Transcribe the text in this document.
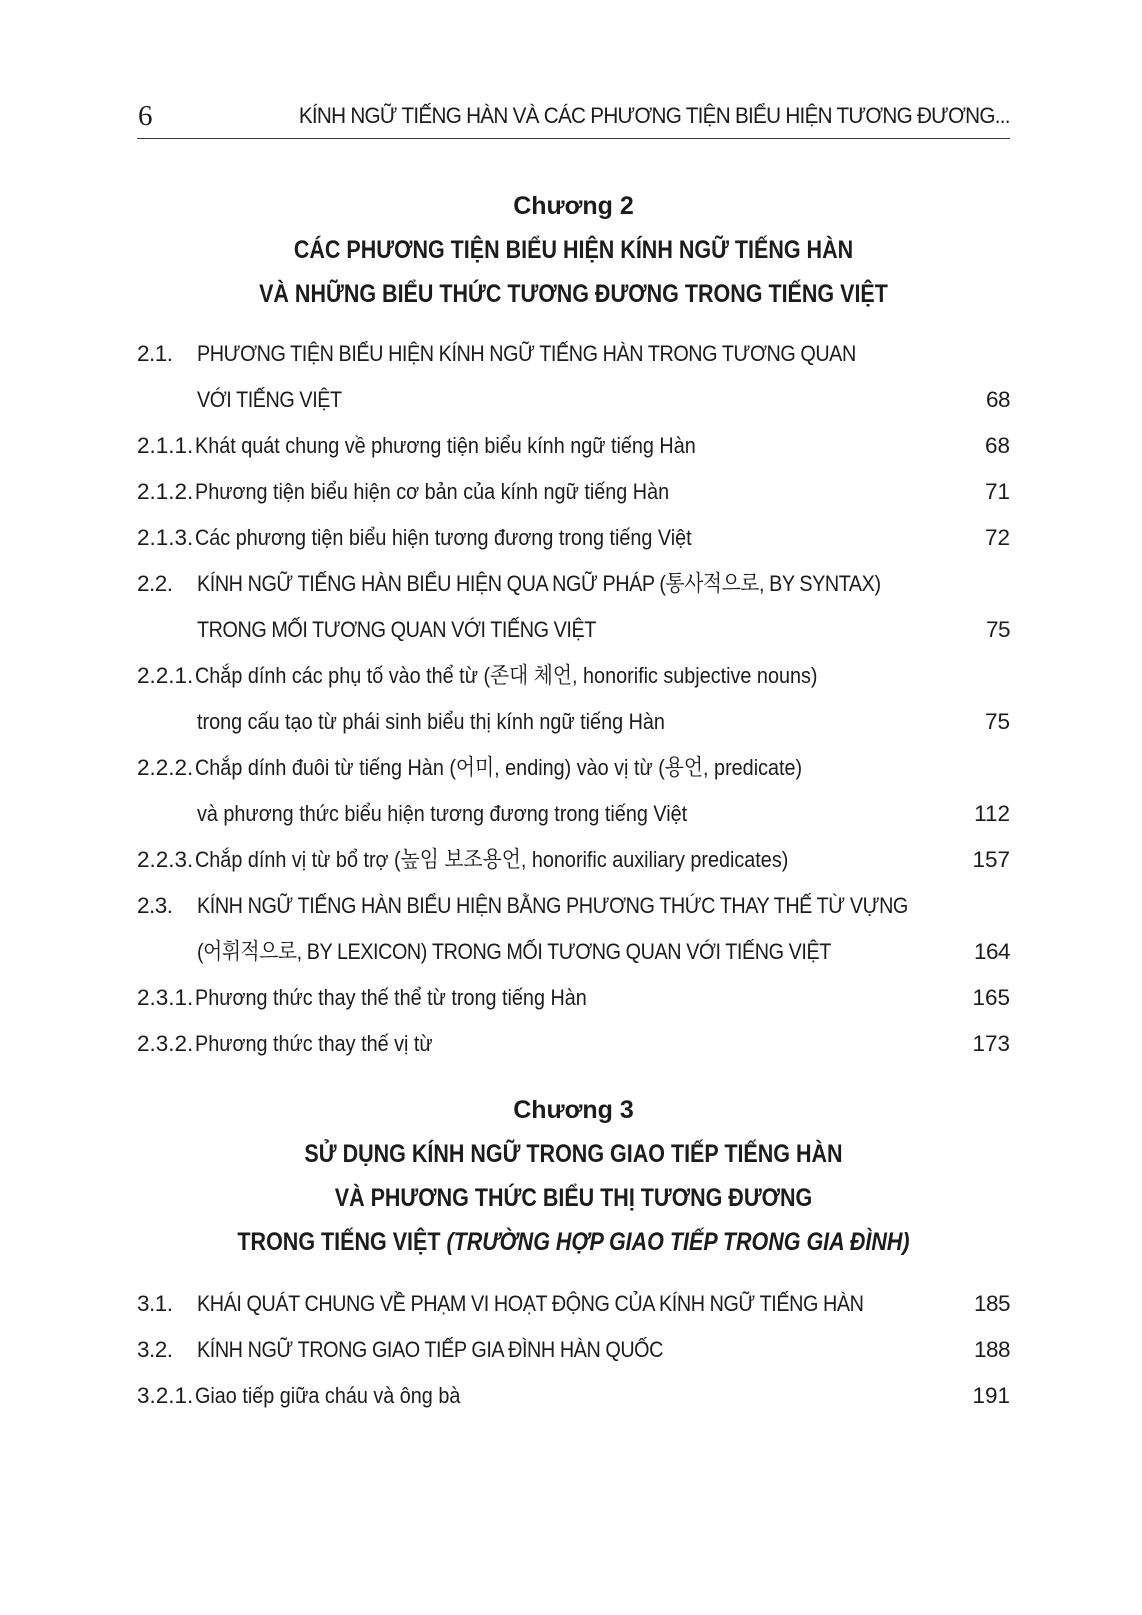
6	KÍNH NGỮ TIẾNG HÀN VÀ CÁC PHƯƠNG TIỆN BIỂU HIỆN TƯƠNG ĐƯƠNG...
Chương 2
CÁC PHƯƠNG TIỆN BIỂU HIỆN KÍNH NGỮ TIẾNG HÀN
VÀ NHỮNG BIỂU THỨC TƯƠNG ĐƯƠNG TRONG TIẾNG VIỆT
2.1. PHƯƠNG TIỆN BIỂU HIỆN KÍNH NGỮ TIẾNG HÀN TRONG TƯƠNG QUAN
VỚI TIẾNG VIỆT	68
2.1.1. Khát quát chung về phương tiện biểu kính ngữ tiếng Hàn	68
2.1.2. Phương tiện biểu hiện cơ bản của kính ngữ tiếng Hàn	71
2.1.3. Các phương tiện biểu hiện tương đương trong tiếng Việt	72
2.2. KÍNH NGỮ TIẾNG HÀN BIỂU HIỆN QUA NGỮ PHÁP (통사적으로, BY SYNTAX)
TRONG MỐI TƯƠNG QUAN VỚI TIẾNG VIỆT	75
2.2.1. Chắp dính các phụ tố vào thể từ (존대 체언, honorific subjective nouns)
trong cấu tạo từ phái sinh biểu thị kính ngữ tiếng Hàn	75
2.2.2. Chắp dính đuôi từ tiếng Hàn (어미, ending) vào vị từ (용언, predicate)
và phương thức biểu hiện tương đương trong tiếng Việt	112
2.2.3. Chắp dính vị từ bổ trợ (높임 보조용언, honorific auxiliary predicates)	157
2.3. KÍNH NGỮ TIẾNG HÀN BIỂU HIỆN BẰNG PHƯƠNG THỨC THAY THẾ TỪ VỰNG
(어휘적으로, BY LEXICON) TRONG MỐI TƯƠNG QUAN VỚI TIẾNG VIỆT	164
2.3.1. Phương thức thay thế thể từ trong tiếng Hàn	165
2.3.2. Phương thức thay thế vị từ	173
Chương 3
SỬ DỤNG KÍNH NGỮ TRONG GIAO TIẾP TIẾNG HÀN
VÀ PHƯƠNG THỨC BIỂU THỊ TƯƠNG ĐƯƠNG
TRONG TIẾNG VIỆT (TRƯỜNG HỢP GIAO TIẾP TRONG GIA ĐÌNH)
3.1. KHÁI QUÁT CHUNG VỀ PHẠM VI HOẠT ĐỘNG CỦA KÍNH NGỮ TIẾNG HÀN	185
3.2. KÍNH NGỮ TRONG GIAO TIẾP GIA ĐÌNH HÀN QUỐC	188
3.2.1. Giao tiếp giữa cháu và ông bà	191
